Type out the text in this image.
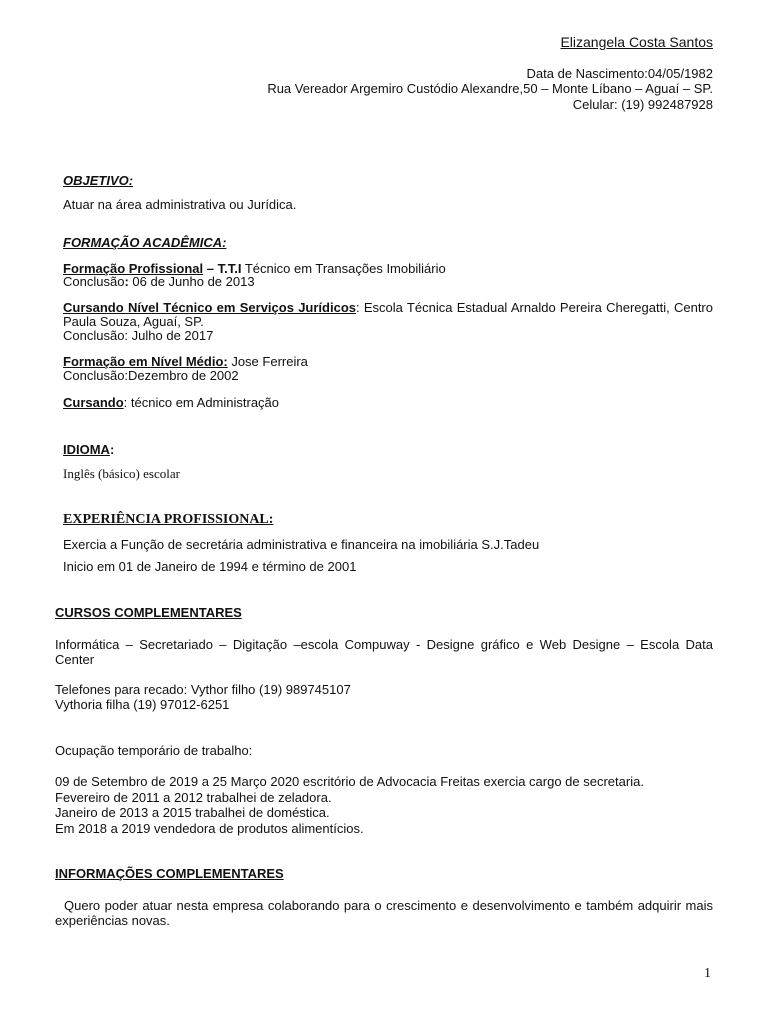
Elizangela Costa Santos
Data de Nascimento:04/05/1982
Rua Vereador Argemiro Custódio Alexandre,50 – Monte Líbano – Aguaí – SP.
Celular: (19) 992487928
OBJETIVO:
Atuar na área administrativa ou Jurídica.
FORMAÇÃO ACADÊMICA:
Formação Profissional – T.T.I Técnico em Transações Imobiliário
Conclusão: 06 de Junho de 2013
Cursando Nível Técnico em Serviços Jurídicos: Escola Técnica Estadual Arnaldo Pereira Cheregatti, Centro Paula Souza, Aguaí, SP.
Conclusão: Julho de 2017
Formação em Nível Médio: Jose Ferreira
Conclusão:Dezembro de 2002
Cursando: técnico em Administração
IDIOMA:
Inglês (básico) escolar
EXPERIÊNCIA PROFISSIONAL:
Exercia a Função de secretária administrativa e financeira na imobiliária S.J.Tadeu
Inicio em 01 de Janeiro de 1994 e término de 2001
CURSOS COMPLEMENTARES
Informática – Secretariado – Digitação –escola Compuway - Designe gráfico e Web Designe – Escola Data Center
Telefones para recado: Vythor filho (19) 989745107
Vythoria filha (19) 97012-6251
Ocupação temporário de trabalho:
09 de Setembro de 2019 a 25 Março 2020 escritório de Advocacia Freitas exercia cargo de secretaria.
Fevereiro de 2011 a 2012 trabalhei de zeladora.
Janeiro de 2013 a 2015 trabalhei de doméstica.
Em 2018 a 2019 vendedora de produtos alimentícios.
INFORMAÇÕES COMPLEMENTARES
Quero poder atuar nesta empresa colaborando para o crescimento e desenvolvimento e também adquirir mais experiências novas.
1
